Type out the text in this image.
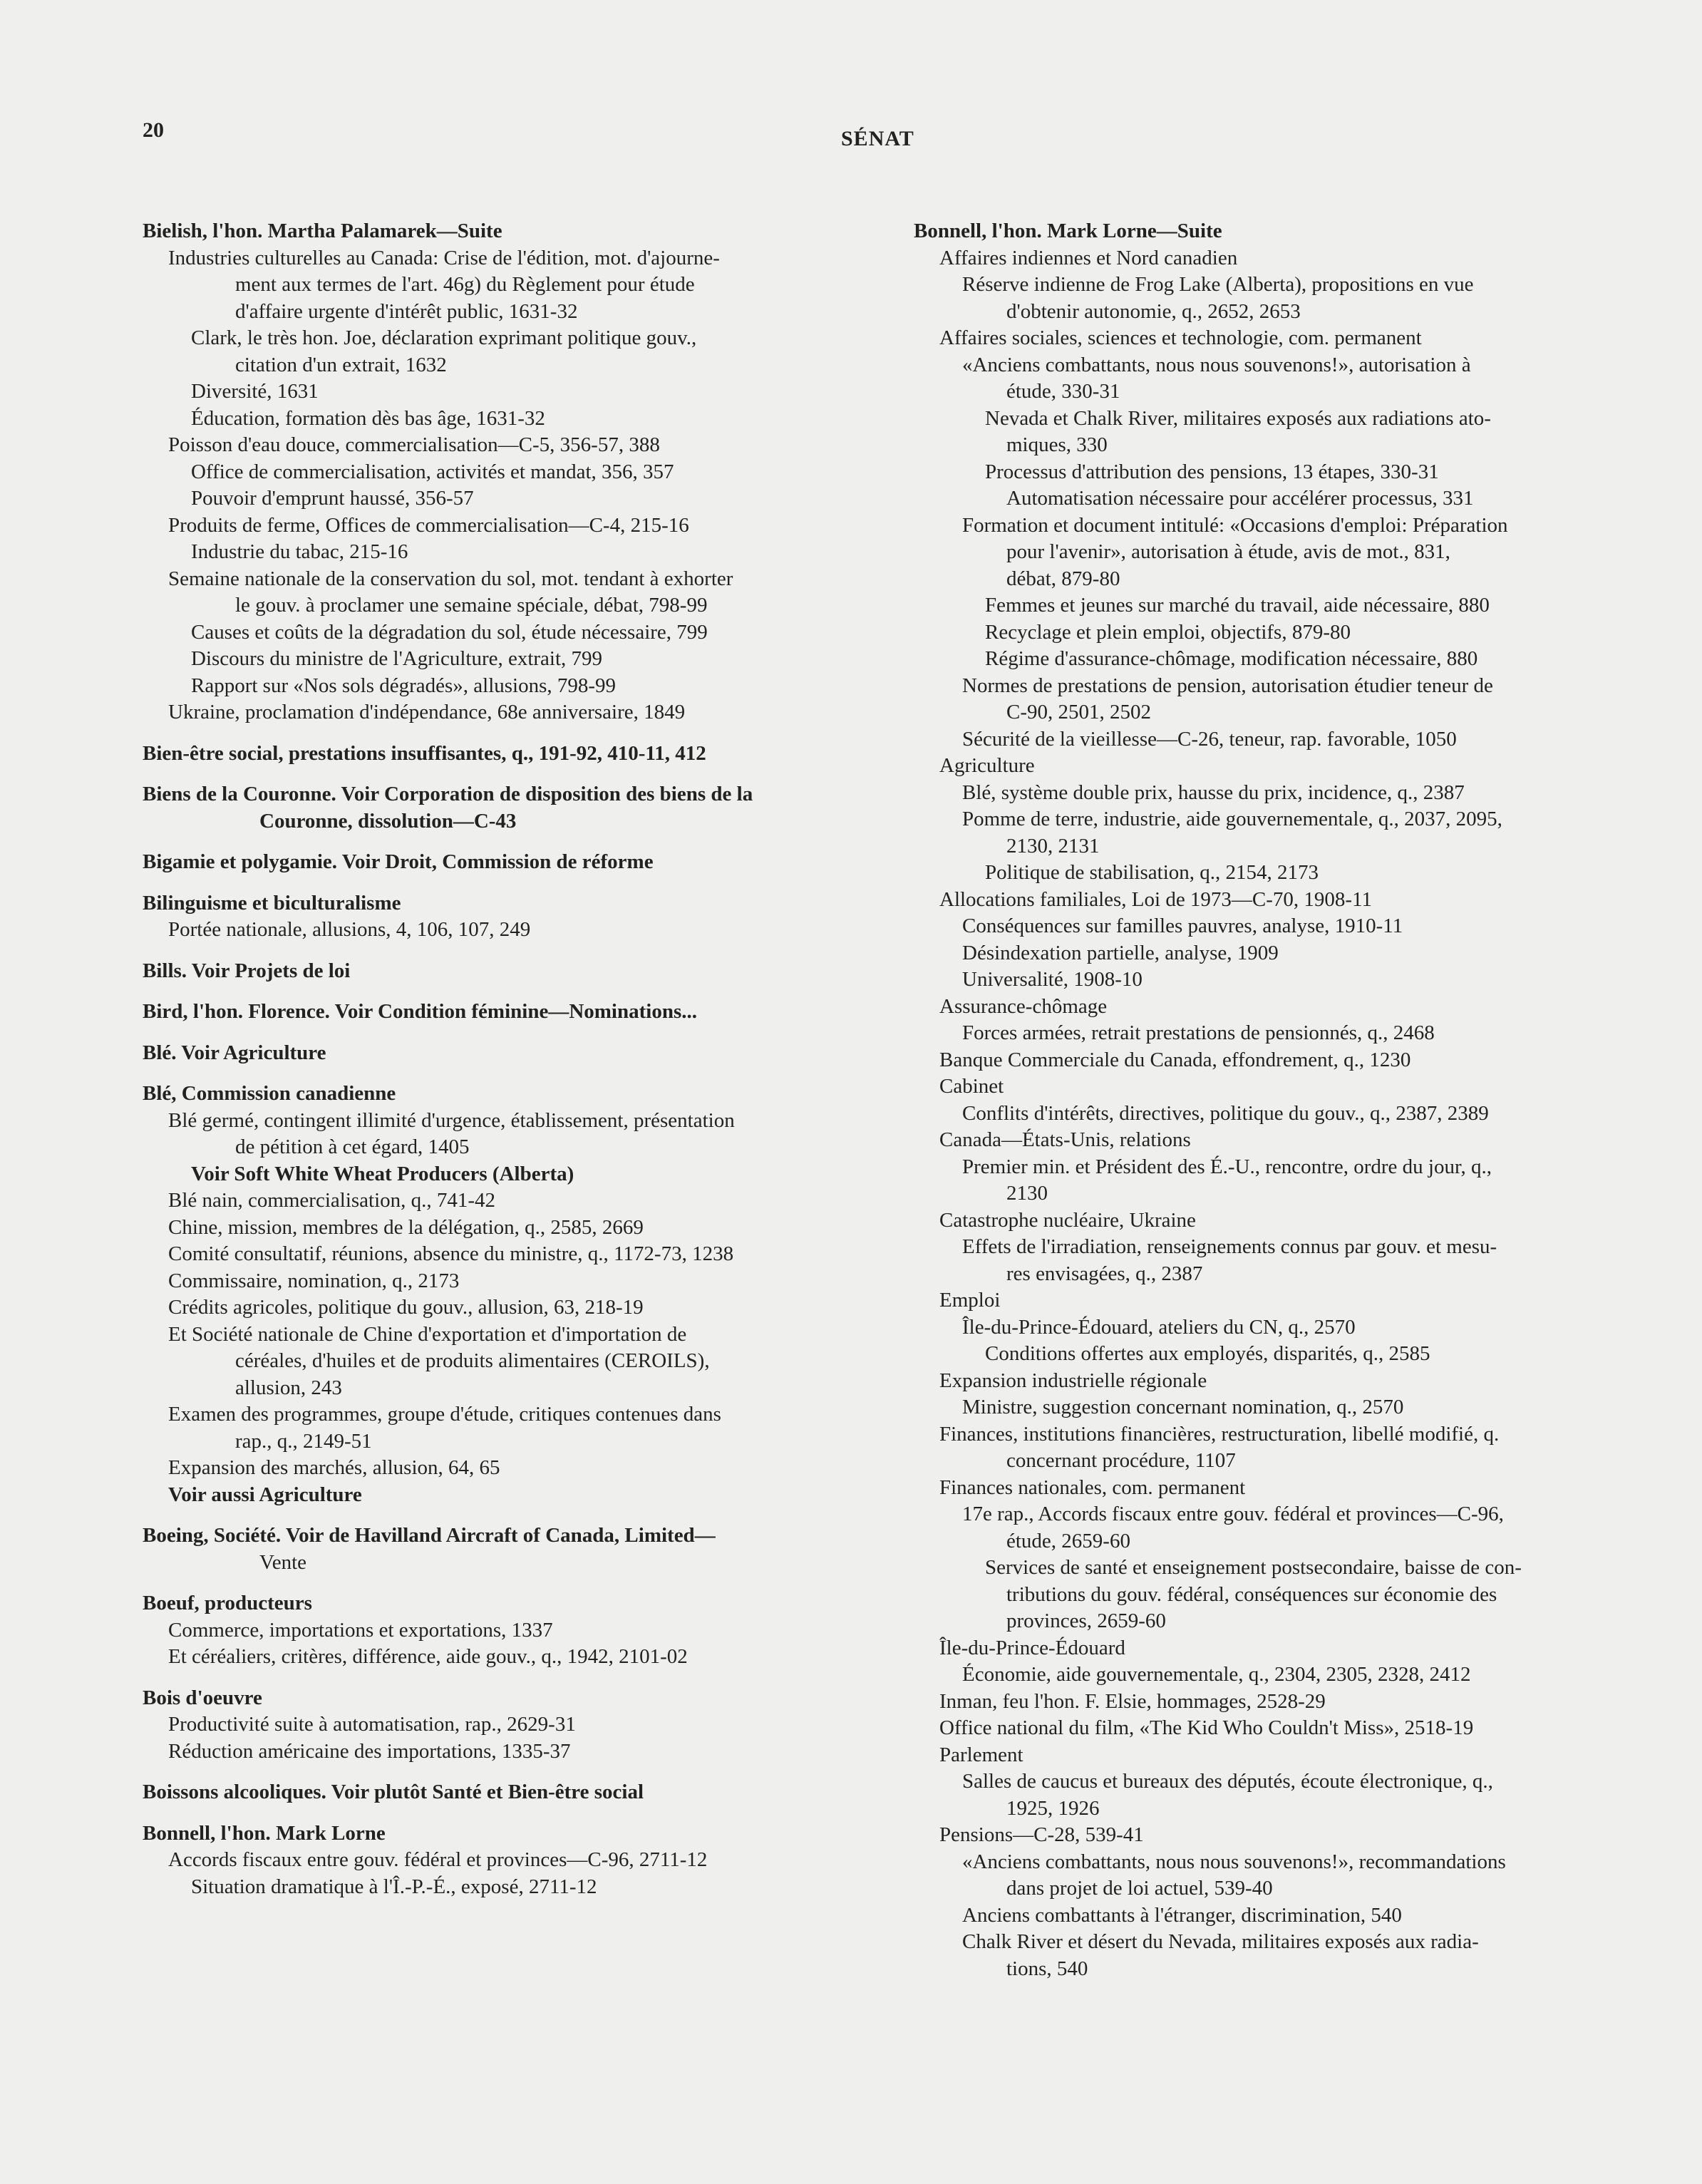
20	SÉNAT
Bielish, l'hon. Martha Palamarek—Suite
Industries culturelles au Canada: Crise de l'édition, mot. d'ajourne-
ment aux termes de l'art. 46g) du Règlement pour étude
d'affaire urgente d'intérêt public, 1631-32
Clark, le très hon. Joe, déclaration exprimant politique gouv.,
citation d'un extrait, 1632
Diversité, 1631
Éducation, formation dès bas âge, 1631-32
Poisson d'eau douce, commercialisation—C-5, 356-57, 388
Office de commercialisation, activités et mandat, 356, 357
Pouvoir d'emprunt haussé, 356-57
Produits de ferme, Offices de commercialisation—C-4, 215-16
Industrie du tabac, 215-16
Semaine nationale de la conservation du sol, mot. tendant à exhorter
le gouv. à proclamer une semaine spéciale, débat, 798-99
Causes et coûts de la dégradation du sol, étude nécessaire, 799
Discours du ministre de l'Agriculture, extrait, 799
Rapport sur «Nos sols dégradés», allusions, 798-99
Ukraine, proclamation d'indépendance, 68e anniversaire, 1849
Bien-être social, prestations insuffisantes, q., 191-92, 410-11, 412
Biens de la Couronne. Voir Corporation de disposition des biens de la
Couronne, dissolution—C-43
Bigamie et polygamie. Voir Droit, Commission de réforme
Bilinguisme et biculturalisme
Portée nationale, allusions, 4, 106, 107, 249
Bills. Voir Projets de loi
Bird, l'hon. Florence. Voir Condition féminine—Nominations...
Blé. Voir Agriculture
Blé, Commission canadienne
Blé germé, contingent illimité d'urgence, établissement, présentation
de pétition à cet égard, 1405
Voir Soft White Wheat Producers (Alberta)
Blé nain, commercialisation, q., 741-42
Chine, mission, membres de la délégation, q., 2585, 2669
Comité consultatif, réunions, absence du ministre, q., 1172-73, 1238
Commissaire, nomination, q., 2173
Crédits agricoles, politique du gouv., allusion, 63, 218-19
Et Société nationale de Chine d'exportation et d'importation de
céréales, d'huiles et de produits alimentaires (CEROILS),
allusion, 243
Examen des programmes, groupe d'étude, critiques contenues dans
rap., q., 2149-51
Expansion des marchés, allusion, 64, 65
Voir aussi Agriculture
Boeing, Société. Voir de Havilland Aircraft of Canada, Limited—
Vente
Boeuf, producteurs
Commerce, importations et exportations, 1337
Et céréaliers, critères, différence, aide gouv., q., 1942, 2101-02
Bois d'oeuvre
Productivité suite à automatisation, rap., 2629-31
Réduction américaine des importations, 1335-37
Boissons alcooliques. Voir plutôt Santé et Bien-être social
Bonnell, l'hon. Mark Lorne
Accords fiscaux entre gouv. fédéral et provinces—C-96, 2711-12
Situation dramatique à l'Î.-P.-É., exposé, 2711-12
Bonnell, l'hon. Mark Lorne—Suite
Affaires indiennes et Nord canadien
Réserve indienne de Frog Lake (Alberta), propositions en vue
d'obtenir autonomie, q., 2652, 2653
Affaires sociales, sciences et technologie, com. permanent
«Anciens combattants, nous nous souvenons!», autorisation à
étude, 330-31
Nevada et Chalk River, militaires exposés aux radiations ato-
miques, 330
Processus d'attribution des pensions, 13 étapes, 330-31
Automatisation nécessaire pour accélérer processus, 331
Formation et document intitulé: «Occasions d'emploi: Préparation
pour l'avenir», autorisation à étude, avis de mot., 831,
débat, 879-80
Femmes et jeunes sur marché du travail, aide nécessaire, 880
Recyclage et plein emploi, objectifs, 879-80
Régime d'assurance-chômage, modification nécessaire, 880
Normes de prestations de pension, autorisation étudier teneur de
C-90, 2501, 2502
Sécurité de la vieillesse—C-26, teneur, rap. favorable, 1050
Agriculture
Blé, système double prix, hausse du prix, incidence, q., 2387
Pomme de terre, industrie, aide gouvernementale, q., 2037, 2095,
2130, 2131
Politique de stabilisation, q., 2154, 2173
Allocations familiales, Loi de 1973—C-70, 1908-11
Conséquences sur familles pauvres, analyse, 1910-11
Désindexation partielle, analyse, 1909
Universalité, 1908-10
Assurance-chômage
Forces armées, retrait prestations de pensionnés, q., 2468
Banque Commerciale du Canada, effondrement, q., 1230
Cabinet
Conflits d'intérêts, directives, politique du gouv., q., 2387, 2389
Canada—États-Unis, relations
Premier min. et Président des É.-U., rencontre, ordre du jour, q.,
2130
Catastrophe nucléaire, Ukraine
Effets de l'irradiation, renseignements connus par gouv. et mesu-
res envisagées, q., 2387
Emploi
Île-du-Prince-Édouard, ateliers du CN, q., 2570
Conditions offertes aux employés, disparités, q., 2585
Expansion industrielle régionale
Ministre, suggestion concernant nomination, q., 2570
Finances, institutions financières, restructuration, libellé modifié, q.
concernant procédure, 1107
Finances nationales, com. permanent
17e rap., Accords fiscaux entre gouv. fédéral et provinces—C-96,
étude, 2659-60
Services de santé et enseignement postsecondaire, baisse de con-
tributions du gouv. fédéral, conséquences sur économie des
provinces, 2659-60
Île-du-Prince-Édouard
Économie, aide gouvernementale, q., 2304, 2305, 2328, 2412
Inman, feu l'hon. F. Elsie, hommages, 2528-29
Office national du film, «The Kid Who Couldn't Miss», 2518-19
Parlement
Salles de caucus et bureaux des députés, écoute électronique, q.,
1925, 1926
Pensions—C-28, 539-41
«Anciens combattants, nous nous souvenons!», recommandations
dans projet de loi actuel, 539-40
Anciens combattants à l'étranger, discrimination, 540
Chalk River et désert du Nevada, militaires exposés aux radia-
tions, 540
